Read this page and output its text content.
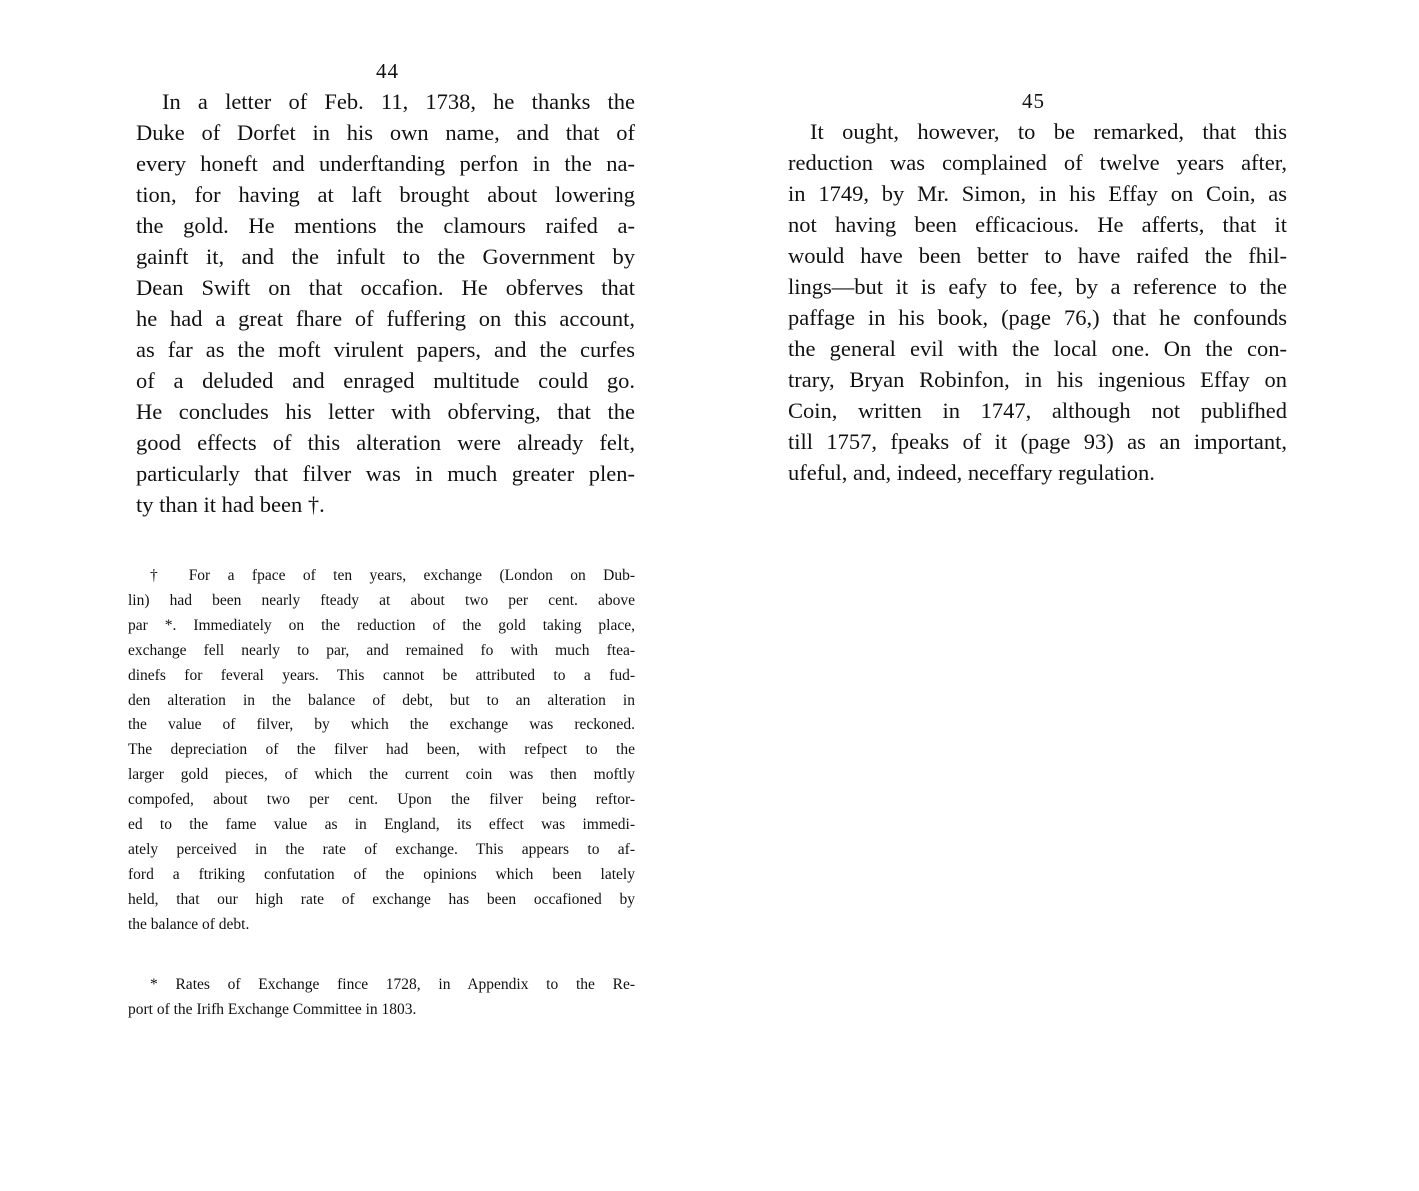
44
45
In a letter of Feb. 11, 1738, he thanks the
Duke of Dorfet in his own name, and that of
every honeft and underftanding perfon in the na-
tion, for having at laft brought about lowering
the gold. He mentions the clamours raifed a-
gainft it, and the infult to the Government by
Dean Swift on that occafion. He obferves that
he had a great fhare of fuffering on this account,
as far as the moft virulent papers, and the curfes
of a deluded and enraged multitude could go.
He concludes his letter with obferving, that the
good effects of this alteration were already felt,
particularly that filver was in much greater plen-
ty than it had been †.
† For a fpace of ten years, exchange (London on Dub-
lin) had been nearly fteady at about two per cent. above
par *. Immediately on the reduction of the gold taking place,
exchange fell nearly to par, and remained fo with much fteа-
dinefs for feveral years. This cannot be attributed to a fud-
den alteration in the balance of debt, but to an alteration in
the value of filver, by which the exchange was reckoned.
The depreciation of the filver had been, with refpect to the
larger gold pieces, of which the current coin was then moftly
compofed, about two per cent. Upon the filver being reftor-
ed to the fame value as in England, its effect was immedi-
ately perceived in the rate of exchange. This appears to af-
ford a ftriking confutation of the opinions which been lately
held, that our high rate of exchange has been occafioned by
the balance of debt.
* Rates of Exchange fince 1728, in Appendix to the Re-
port of the Irifh Exchange Committee in 1803.
It ought, however, to be remarked, that this
reduction was complained of twelve years after,
in 1749, by Mr. Simon, in his Effay on Coin, as
not having been efficacious. He afferts, that it
would have been better to have raifed the fhil-
lings—but it is eafy to fee, by a reference to the
paffage in his book, (page 76,) that he confounds
the general evil with the local one. On the con-
trary, Bryan Robinfon, in his ingenious Effay on
Coin, written in 1747, although not publifhed
till 1757, fpeaks of it (page 93) as an important,
ufeful, and, indeed, neceffary regulation.
